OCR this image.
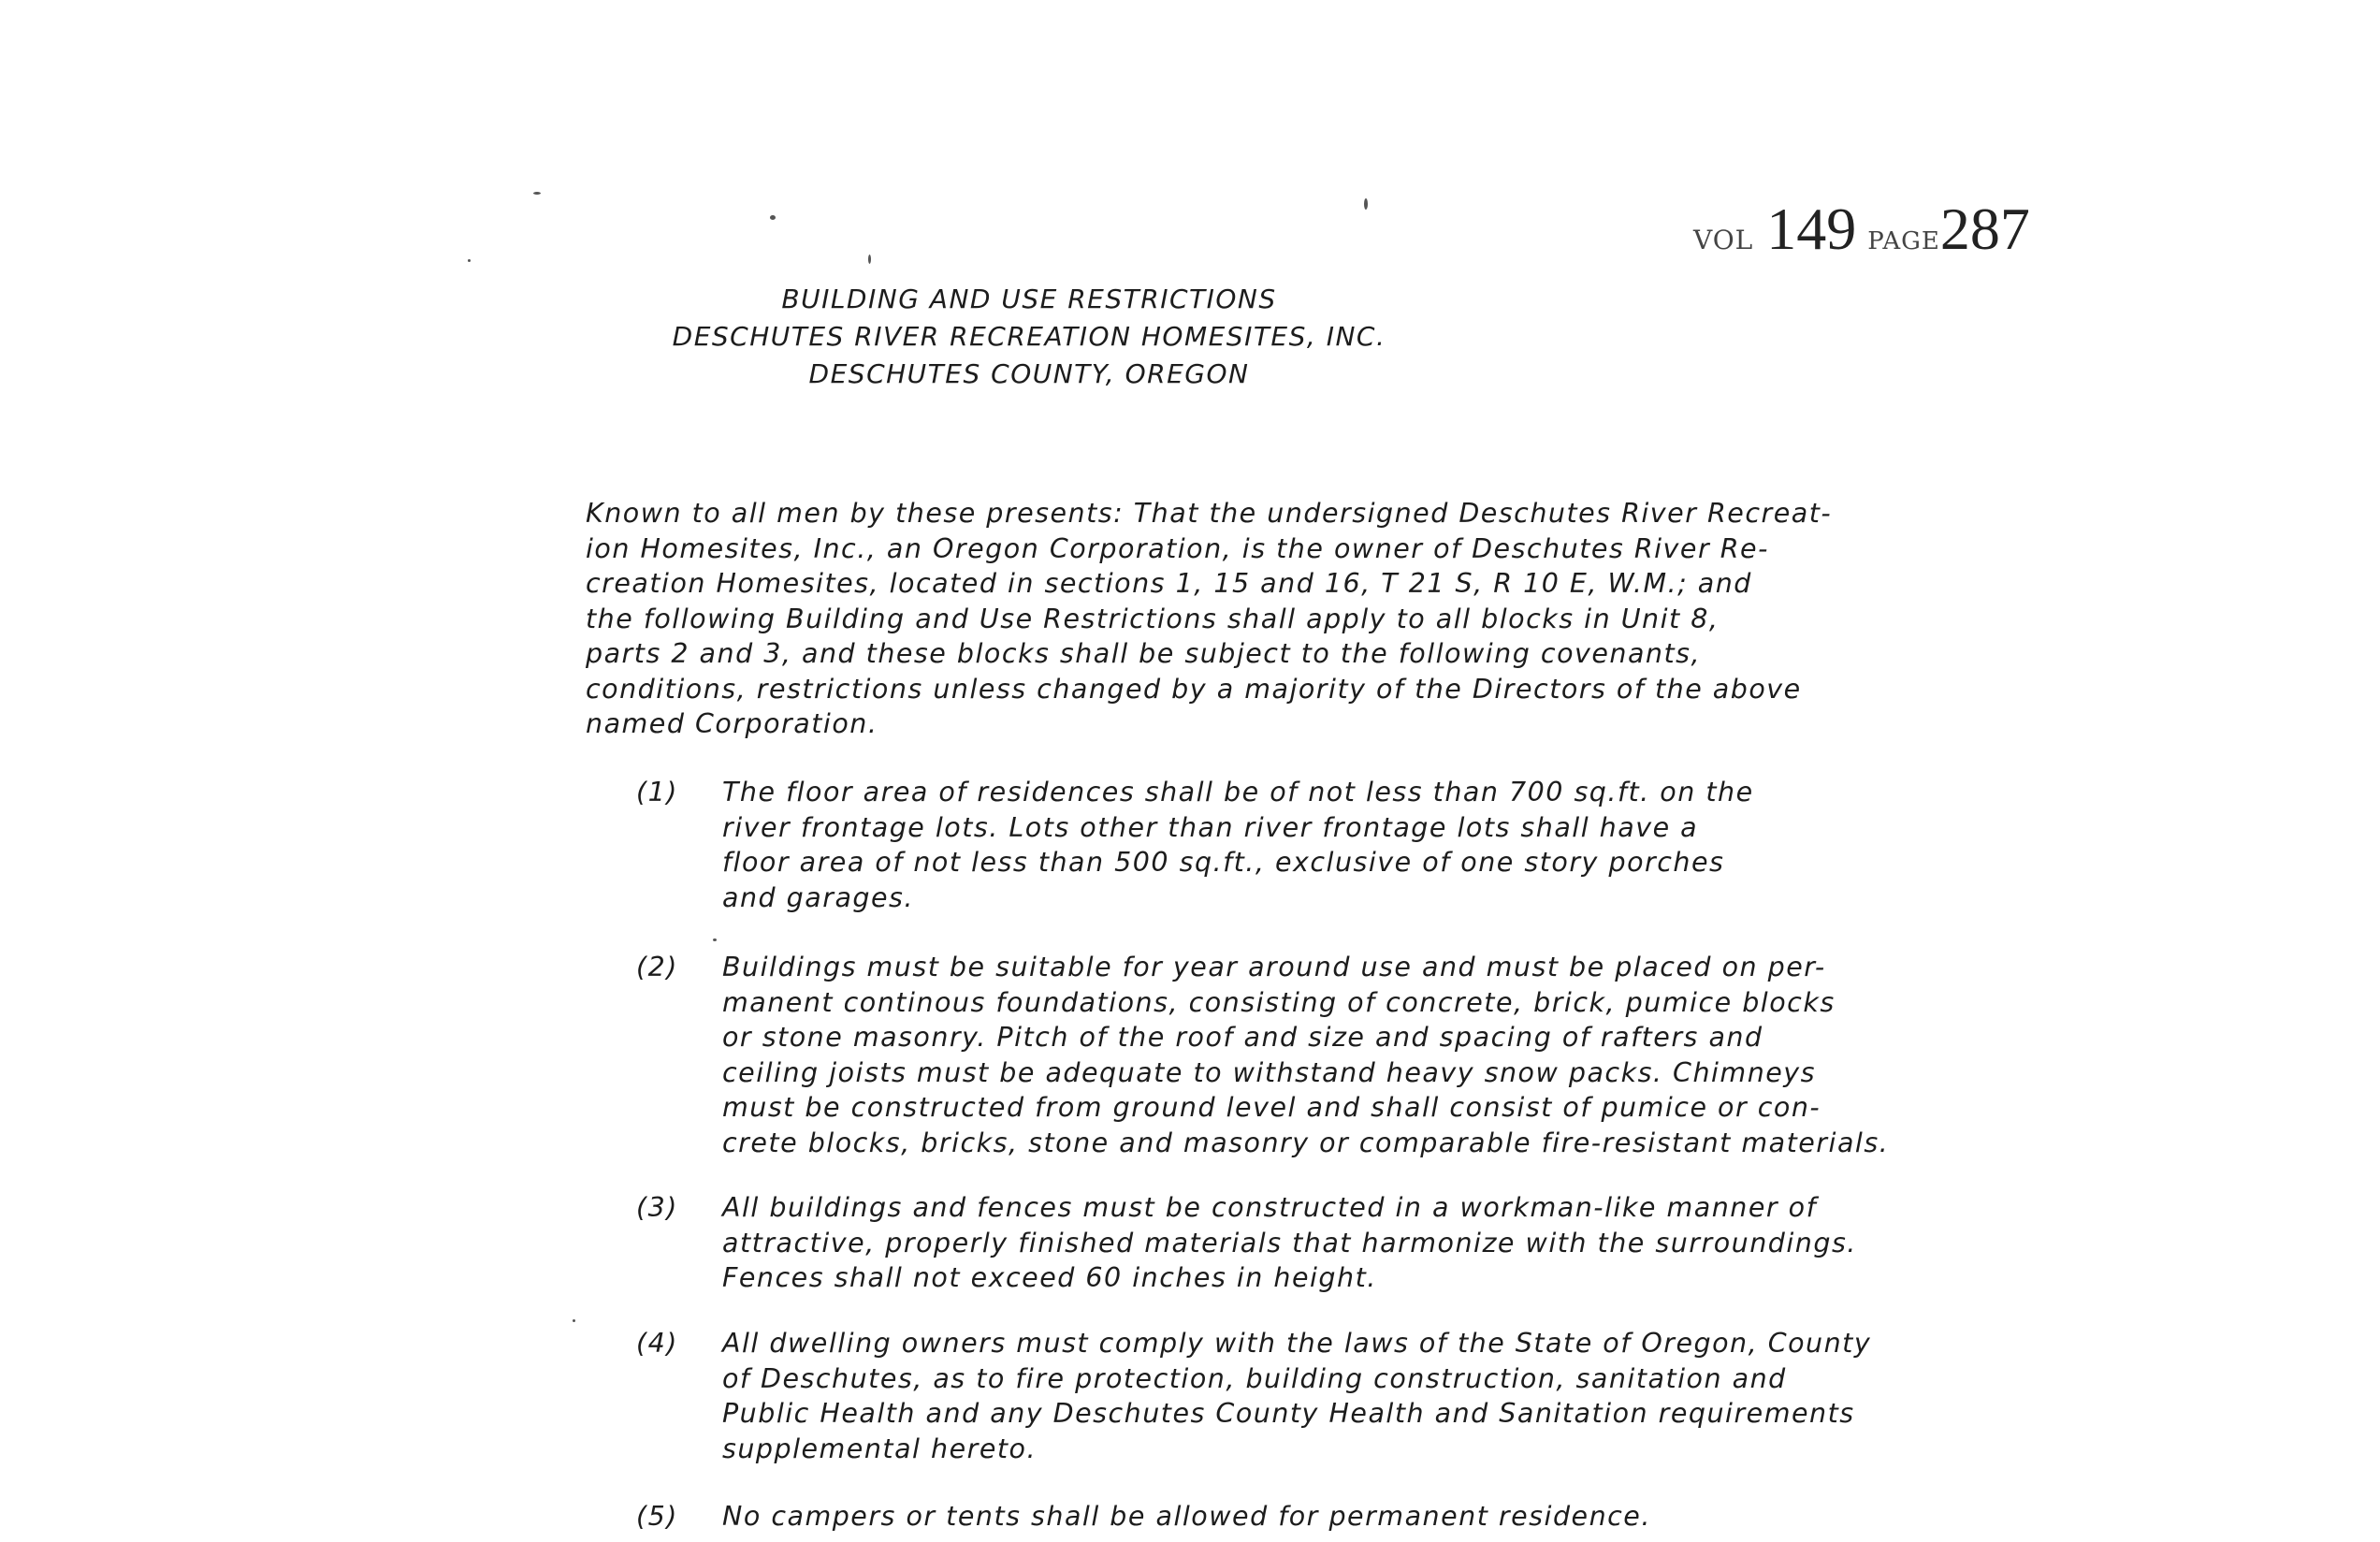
VOL 149 PAGE287
BUILDING AND USE RESTRICTIONS
DESCHUTES RIVER RECREATION HOMESITES, INC.
DESCHUTES COUNTY, OREGON
Known to all men by these presents: That the undersigned Deschutes River Recreat-
ion Homesites, Inc., an Oregon Corporation, is the owner of Deschutes River Re-
creation Homesites, located in sections 1, 15 and 16, T 21 S, R 10 E, W.M.; and
the following Building and Use Restrictions shall apply to all blocks in Unit 8,
parts 2 and 3, and these blocks shall be subject to the following covenants,
conditions, restrictions unless changed by a majority of the Directors of the above
named Corporation.
(1) The floor area of residences shall be of not less than 700 sq.ft. on the
river frontage lots. Lots other than river frontage lots shall have a
floor area of not less than 500 sq.ft., exclusive of one story porches
and garages.
(2) Buildings must be suitable for year around use and must be placed on per-
manent continous foundations, consisting of concrete, brick, pumice blocks
or stone masonry. Pitch of the roof and size and spacing of rafters and
ceiling joists must be adequate to withstand heavy snow packs. Chimneys
must be constructed from ground level and shall consist of pumice or con-
crete blocks, bricks, stone and masonry or comparable fire-resistant materials.
(3) All buildings and fences must be constructed in a workman-like manner of
attractive, properly finished materials that harmonize with the surroundings.
Fences shall not exceed 60 inches in height.
(4) All dwelling owners must comply with the laws of the State of Oregon, County
of Deschutes, as to fire protection, building construction, sanitation and
Public Health and any Deschutes County Health and Sanitation requirements
supplemental hereto.
(5) No campers or tents shall be allowed for permanent residence.
